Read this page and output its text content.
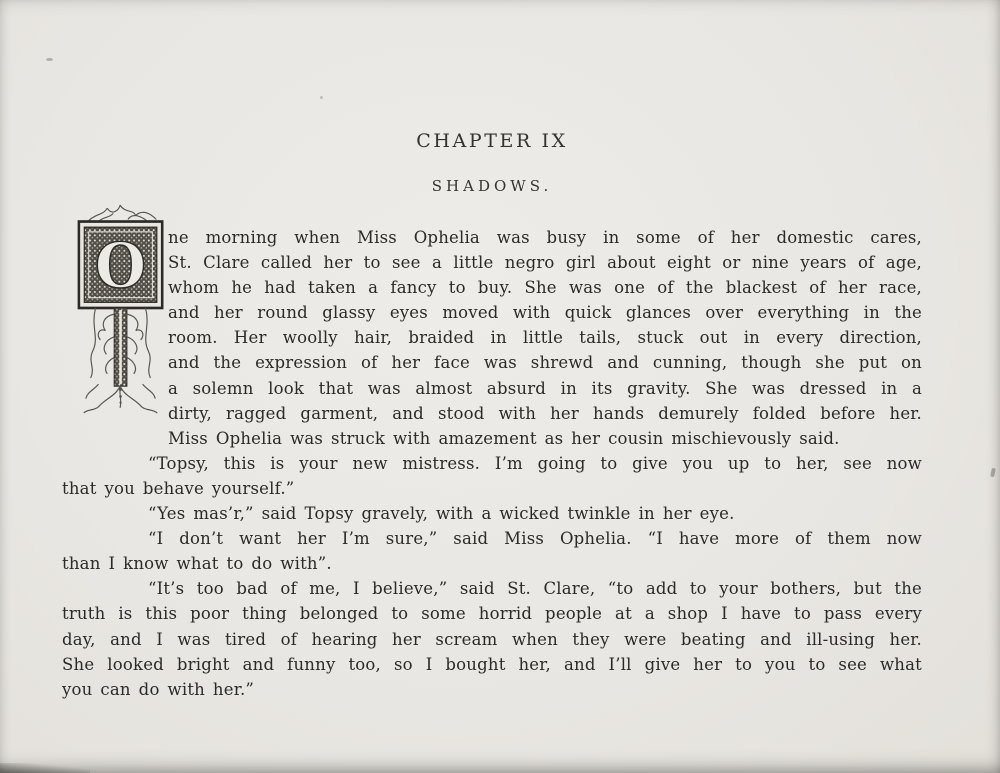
CHAPTER IX
SHADOWS.
O ne morning when Miss Ophelia was busy in some of her domestic cares,
St. Clare called her to see a little negro girl about eight or nine years of age,
whom he had taken a fancy to buy. She was one of the blackest of her race,
and her round glassy eyes moved with quick glances over everything in the
room. Her woolly hair, braided in little tails, stuck out in every direction,
and the expression of her face was shrewd and cunning, though she put on
a solemn look that was almost absurd in its gravity. She was dressed in a
dirty, ragged garment, and stood with her hands demurely folded before her.
Miss Ophelia was struck with amazement as her cousin mischievously said.
“Topsy, this is your new mistress. I’m going to give you up to her, see now
that you behave yourself.”
“Yes mas’r,” said Topsy gravely, with a wicked twinkle in her eye.
“I don’t want her I’m sure,” said Miss Ophelia. “I have more of them now
than I know what to do with”.
“It’s too bad of me, I believe,” said St. Clare, “to add to your bothers, but the
truth is this poor thing belonged to some horrid people at a shop I have to pass every
day, and I was tired of hearing her scream when they were beating and ill-using her.
She looked bright and funny too, so I bought her, and I’ll give her to you to see what
you can do with her.”
